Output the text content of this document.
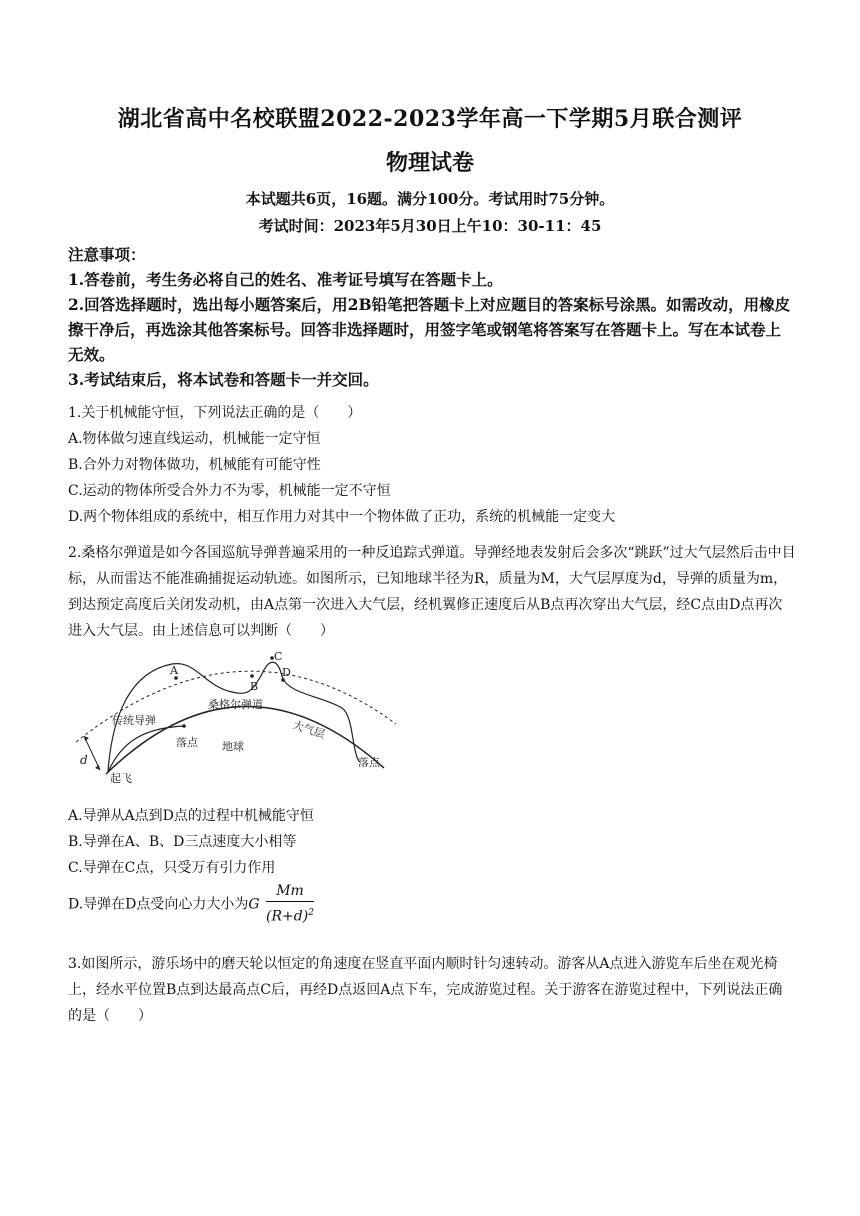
湖北省高中名校联盟2022-2023学年高一下学期5月联合测评
物理试卷
本试题共6页，16题。满分100分。考试用时75分钟。
考试时间：2023年5月30日上午10：30-11：45

注意事项：

1.答卷前，考生务必将自己的姓名、准考证号填写在答题卡上。

2.回答选择题时，选出每小题答案后，用2B铅笔把答题卡上对应题目的答案标号涂黑。如需改动，用橡皮擦干净后，再选涂其他答案标号。回答非选择题时，用签字笔或钢笔将答案写在答题卡上。写在本试卷上无效。

3.考试结束后，将本试卷和答题卡一并交回。

1.关于机械能守恒，下列说法正确的是（　　）

A.物体做匀速直线运动，机械能一定守恒

B.合外力对物体做功，机械能有可能守性

C.运动的物体所受合外力不为零，机械能一定不守恒

D.两个物体组成的系统中，相互作用力对其中一个物体做了正功，系统的机械能一定变大

2.桑格尔弹道是如今各国巡航导弹普遍采用的一种反追踪式弹道。导弹经地表发射后会多次“跳跃”过大气层然后击中目标，从而雷达不能准确捕捉运动轨迹。如图所示，已知地球半径为R，质量为M，大气层厚度为d，导弹的质量为m，到达预定高度后关闭发动机，由A点第一次进入大气层，经机翼修正速度后从B点再次穿出大气层，经C点由D点再次进入大气层。由上述信息可以判断（　　）

A
B
C
D
d
传统导弹
桑格尔弹道
大气层
地球
落点
落点
起飞

A.导弹从A点到D点的过程中机械能守恒

B.导弹在A、B、D三点速度大小相等

C.导弹在C点，只受万有引力作用

D.导弹在D点受向心力大小为G $\frac{Mm}{(R+d)^2}$

3.如图所示，游乐场中的磨天轮以恒定的角速度在竖直平面内顺时针匀速转动。游客从A点进入游览车后坐在观光椅上，经水平位置B点到达最高点C后，再经D点返回A点下车，完成游览过程。关于游客在游览过程中，下列说法正确的是（　　）
